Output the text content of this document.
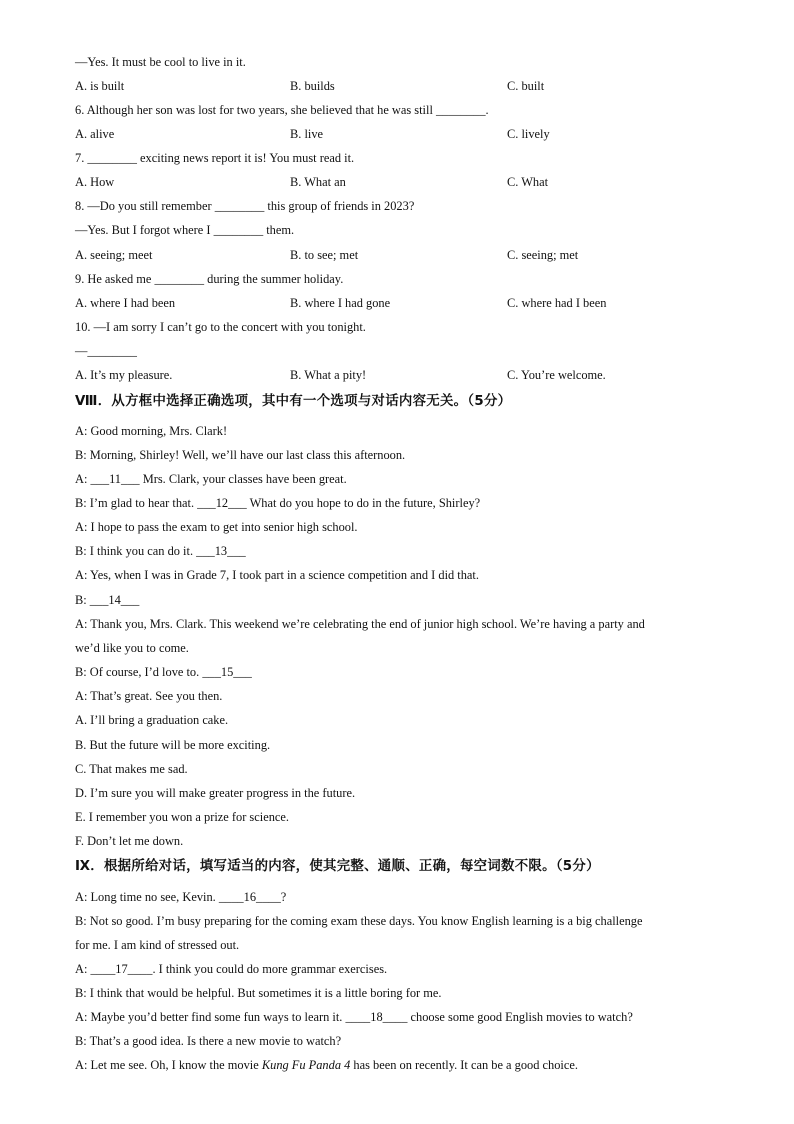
—Yes. It must be cool to live in it.
A. is built	B. builds	C. built
6. Although her son was lost for two years, she believed that he was still ________.
A. alive	B. live	C. lively
7. ________ exciting news report it is! You must read it.
A. How	B. What an	C. What
8. —Do you still remember ________ this group of friends in 2023?
—Yes. But I forgot where I ________ them.
A. seeing; meet	B. to see; met	C. seeing; met
9. He asked me ________ during the summer holiday.
A. where I had been	B. where I had gone	C. where had I been
10. —I am sorry I can’t go to the concert with you tonight.
—________
A. It’s my pleasure.	B. What a pity!	C. You’re welcome.
Ⅷ．从方框中选择正确选项，其中有一个选项与对话内容无关。（5分）
A: Good morning, Mrs. Clark!
B: Morning, Shirley! Well, we’ll have our last class this afternoon.
A: ___11___ Mrs. Clark, your classes have been great.
B: I’m glad to hear that. ___12___ What do you hope to do in the future, Shirley?
A: I hope to pass the exam to get into senior high school.
B: I think you can do it. ___13___
A: Yes, when I was in Grade 7, I took part in a science competition and I did that.
B: ___14___
A: Thank you, Mrs. Clark. This weekend we’re celebrating the end of junior high school. We’re having a party and
we’d like you to come.
B: Of course, I’d love to. ___15___
A: That’s great. See you then.
A. I’ll bring a graduation cake.
B. But the future will be more exciting.
C. That makes me sad.
D. I’m sure you will make greater progress in the future.
E. I remember you won a prize for science.
F. Don’t let me down.
Ⅸ．根据所给对话，填写适当的内容，使其完整、通顺、正确，每空词数不限。（5分）
A: Long time no see, Kevin. ____16____?
B: Not so good. I’m busy preparing for the coming exam these days. You know English learning is a big challenge
for me. I am kind of stressed out.
A: ____17____. I think you could do more grammar exercises.
B: I think that would be helpful. But sometimes it is a little boring for me.
A: Maybe you’d better find some fun ways to learn it. ____18____ choose some good English movies to watch?
B: That’s a good idea. Is there a new movie to watch?
A: Let me see. Oh, I know the movie Kung Fu Panda 4 has been on recently. It can be a good choice.
